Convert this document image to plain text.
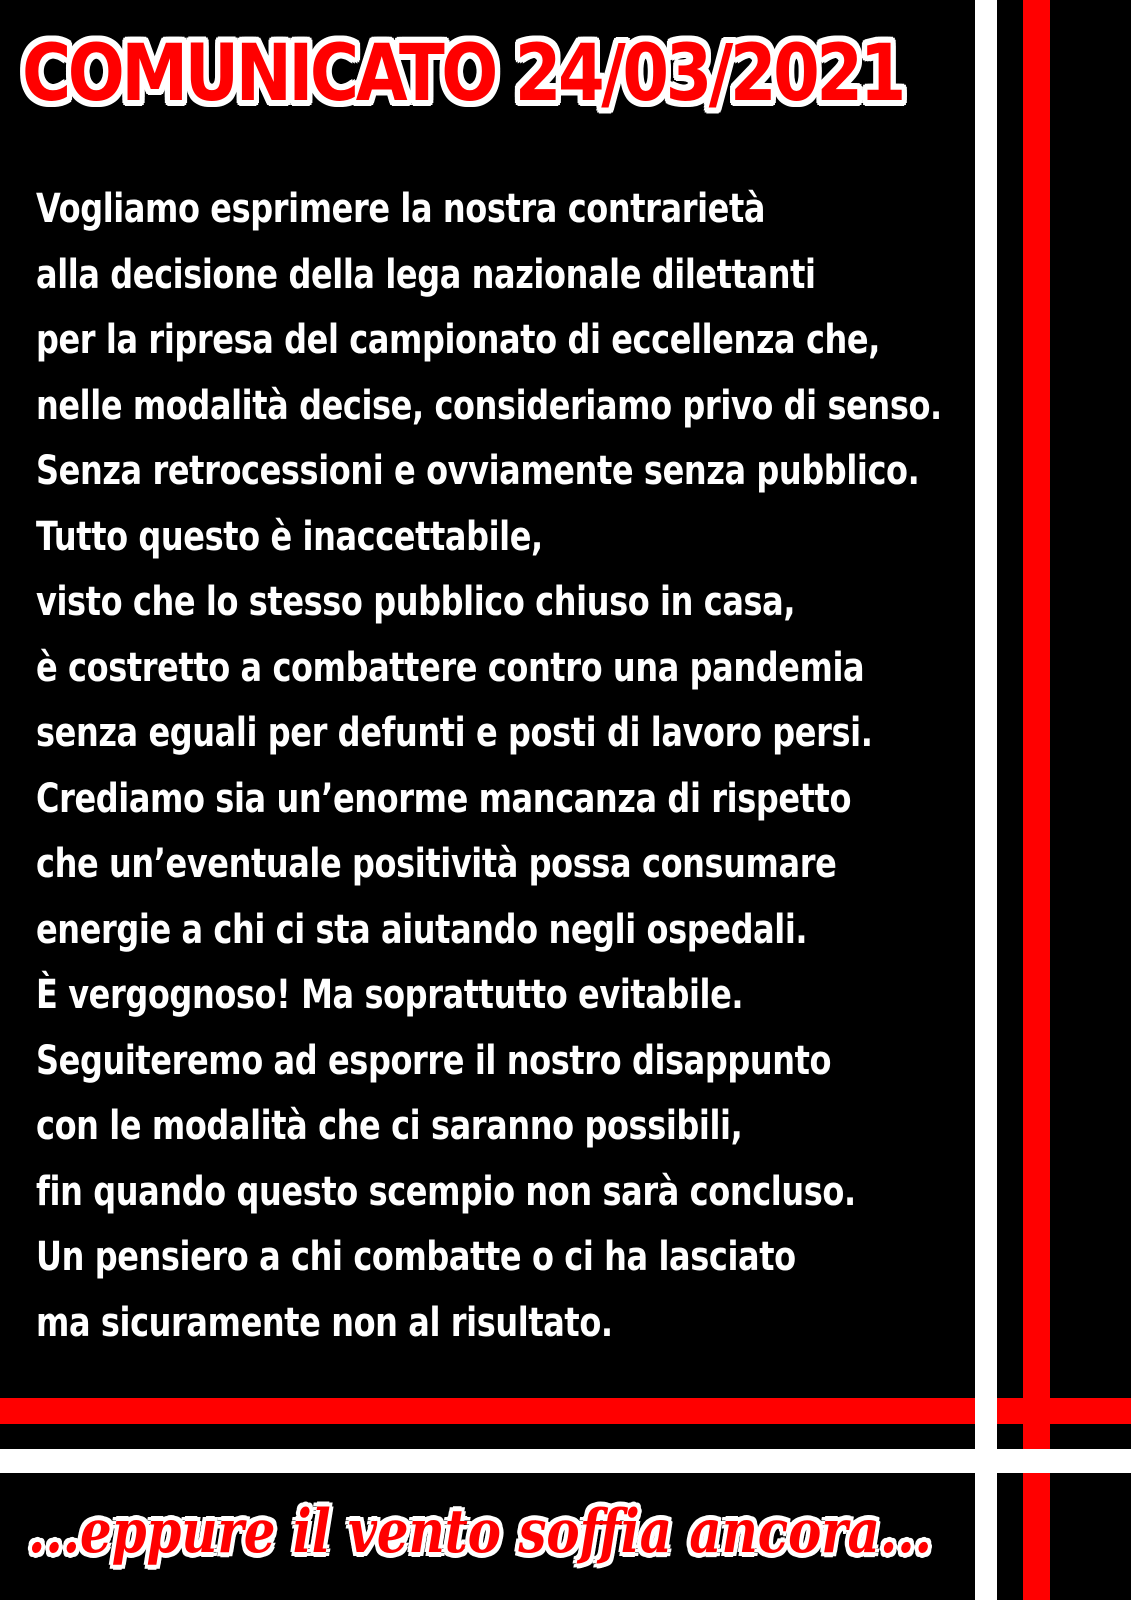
COMUNICATO 24/03/2021
Vogliamo esprimere la nostra contrarietà
alla decisione della lega nazionale dilettanti
per la ripresa del campionato di eccellenza che,
nelle modalità decise, consideriamo privo di senso.
Senza retrocessioni e ovviamente senza pubblico.
Tutto questo è inaccettabile,
visto che lo stesso pubblico chiuso in casa,
è costretto a combattere contro una pandemia
senza eguali per defunti e posti di lavoro persi.
Crediamo sia un’enorme mancanza di rispetto
che un’eventuale positività possa consumare
energie a chi ci sta aiutando negli ospedali.
È vergognoso! Ma soprattutto evitabile.
Seguiteremo ad esporre il nostro disappunto
con le modalità che ci saranno possibili,
fin quando questo scempio non sarà concluso.
Un pensiero a chi combatte o ci ha lasciato
ma sicuramente non al risultato.
...eppure il vento soffia ancora...
